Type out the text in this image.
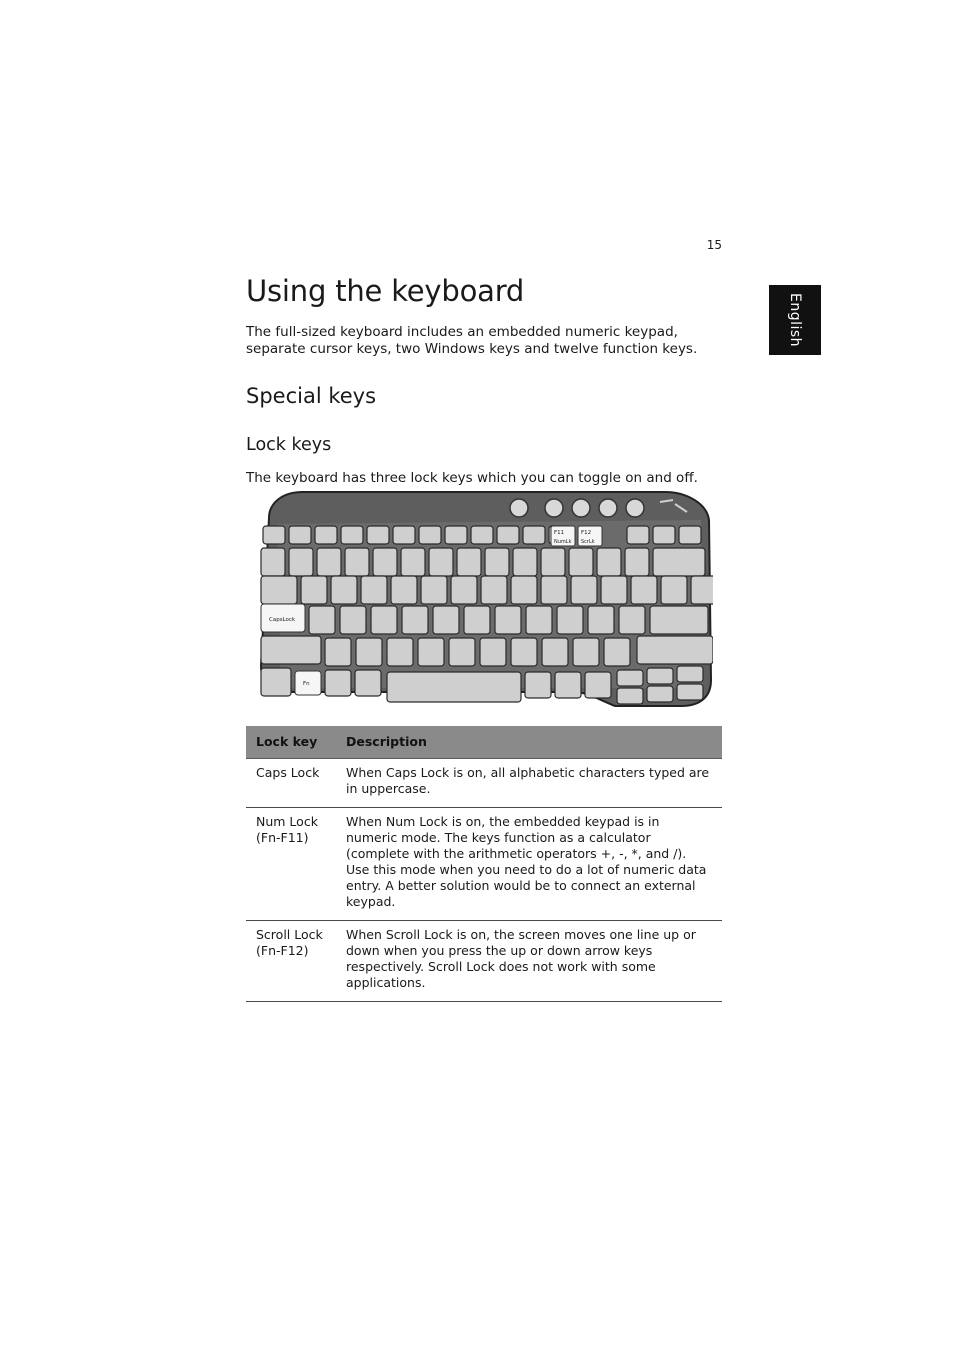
15
English
Using the keyboard

The full-sized keyboard includes an embedded numeric keypad, separate cursor keys, two Windows keys and twelve function keys.

Special keys
Lock keys

The keyboard has three lock keys which you can toggle on and off.

F11
NumLk
F12
ScrLk
CapsLock
Fn
Lock key	Description
Caps Lock	When Caps Lock is on, all alphabetic characters typed are in uppercase.
Num Lock
(Fn-F11)	When Num Lock is on, the embedded keypad is in numeric mode. The keys function as a calculator (complete with the arithmetic operators +, -, *, and /). Use this mode when you need to do a lot of numeric data entry. A better solution would be to connect an external keypad.
Scroll Lock
(Fn-F12)	When Scroll Lock is on, the screen moves one line up or down when you press the up or down arrow keys respectively. Scroll Lock does not work with some applications.
